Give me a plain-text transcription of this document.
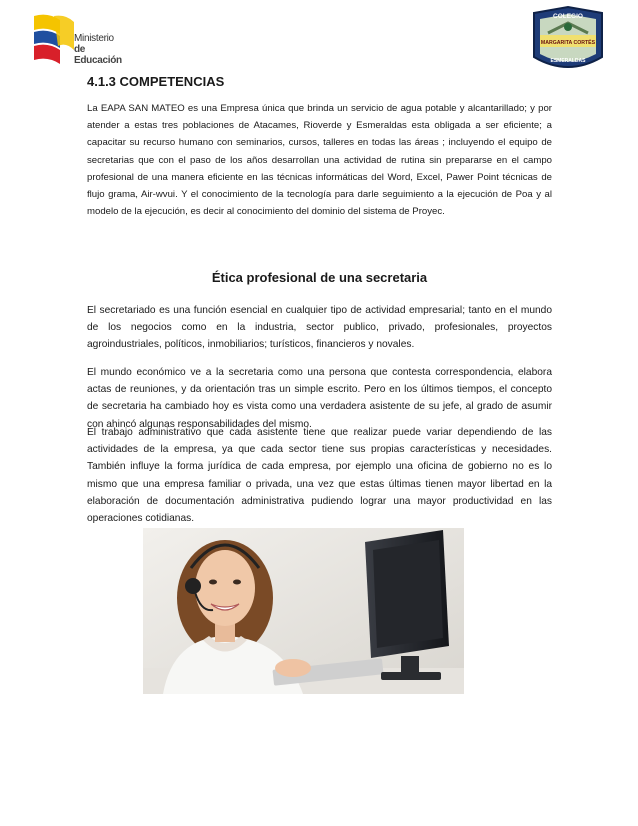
Ministerio
de Educación
COLEGIO
MARGARITA CORTÉS
ESMERALDAS
4.1.3 COMPETENCIAS

La EAPA SAN MATEO es una Empresa única que brinda un servicio de agua potable y alcantarillado; y por atender a estas tres poblaciones de Atacames, Rioverde y Esmeraldas esta obligada a ser eficiente; a capacitar su recurso humano con seminarios, cursos, talleres en todas las áreas ; incluyendo el equipo de secretarias que con el paso de los años desarrollan una actividad de rutina sin prepararse en el campo profesional de una manera eficiente en las técnicas informáticas del Word, Excel, Pawer Point técnicas de flujo grama, Air-wvui. Y el conocimiento de la tecnología para darle seguimiento a la ejecución de Poa y al modelo de la ejecución, es decir al conocimiento del dominio del sistema de Proyec.

Ética profesional de una secretaria

El secretariado es una función esencial en cualquier tipo de actividad empresarial; tanto en el mundo de los negocios como en la industria, sector publico, privado, profesionales, proyectos agroindustriales, políticos, inmobiliarios; turísticos, financieros y novales.

El mundo económico ve a la secretaria como una persona que contesta correspondencia, elabora actas de reuniones, y da orientación tras un simple escrito. Pero en los últimos tiempos, el concepto de secretaria ha cambiado hoy es vista como una verdadera asistente de su jefe, al grado de asumir con ahincó algunas responsabilidades del mismo.

El trabajo administrativo que cada asistente tiene que realizar puede variar dependiendo de las actividades de la empresa, ya que cada sector tiene sus propias características y necesidades. También influye la forma jurídica de cada empresa, por ejemplo una oficina de gobierno no es lo mismo que una empresa familiar o privada, una vez que estas últimas tienen mayor libertad en la elaboración de documentación administrativa pudiendo lograr una mayor productividad en las operaciones cotidianas.
